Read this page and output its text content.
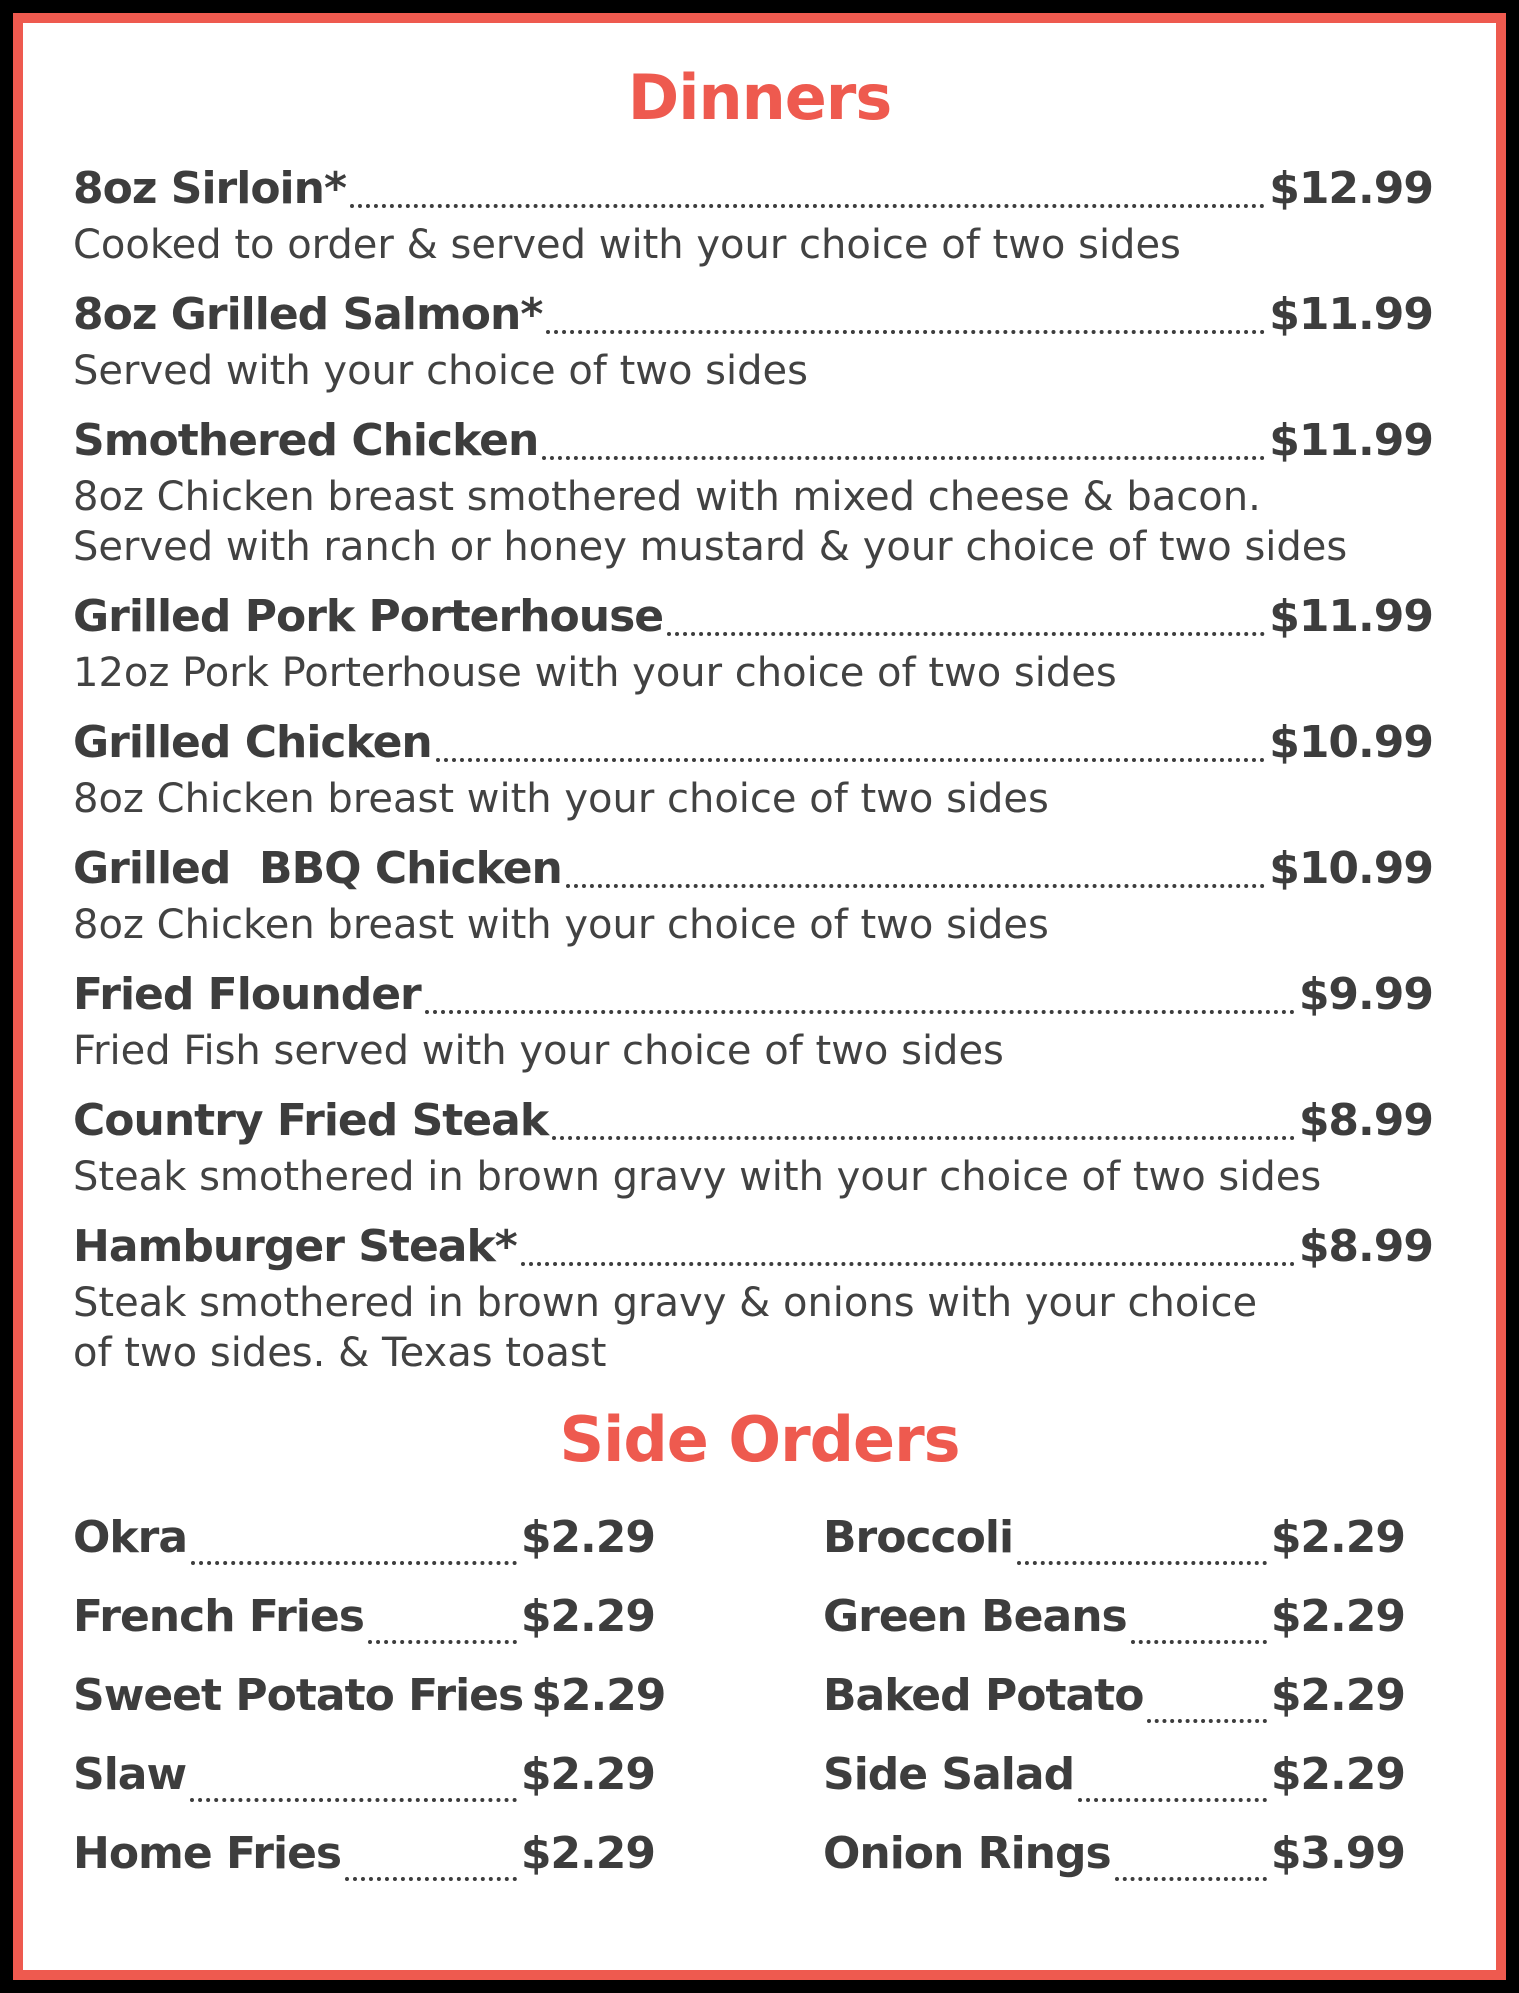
Dinners
8oz Sirloin*	$12.99
Cooked to order & served with your choice of two sides
8oz Grilled Salmon*	$11.99
Served with your choice of two sides
Smothered Chicken	$11.99
8oz Chicken breast smothered with mixed cheese & bacon.
Served with ranch or honey mustard & your choice of two sides
Grilled Pork Porterhouse	$11.99
12oz Pork Porterhouse with your choice of two sides
Grilled Chicken	$10.99
8oz Chicken breast with your choice of two sides
Grilled  BBQ Chicken	$10.99
8oz Chicken breast with your choice of two sides
Fried Flounder	$9.99
Fried Fish served with your choice of two sides
Country Fried Steak	$8.99
Steak smothered in brown gravy with your choice of two sides
Hamburger Steak*	$8.99
Steak smothered in brown gravy & onions with your choice
of two sides. & Texas toast
Side Orders
Okra	$2.29
French Fries	$2.29
Sweet Potato Fries $2.29
Slaw	$2.29
Home Fries	$2.29
Broccoli	$2.29
Green Beans	$2.29
Baked Potato	$2.29
Side Salad	$2.29
Onion Rings	$3.99
